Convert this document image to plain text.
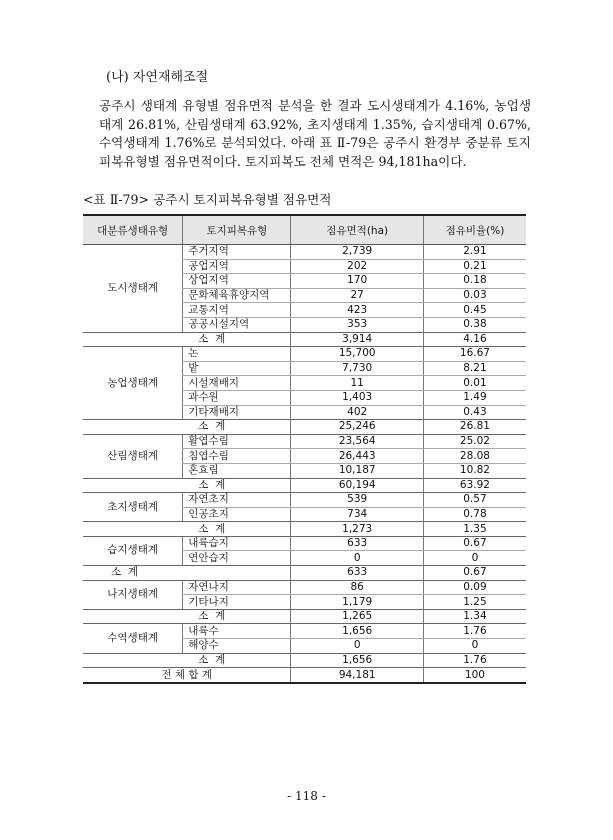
(나) 자연재해조절
공주시 생태계 유형별 점유면적 분석을 한 결과 도시생태계가 4.16%, 농업생태계 26.81%, 산림생태계 63.92%, 초지생태계 1.35%, 습지생태계 0.67%, 수역생태계 1.76%로 분석되었다. 아래 표 Ⅱ-79은 공주시 환경부 중분류 토지피복유형별 점유면적이다. 토지피복도 전체 면적은 94,181ha이다.
<표 Ⅱ-79> 공주시 토지피복유형별 점유면적
대분류생태유형	토지피복유형	점유면적(ha)	점유비율(%)
도시생태계	주거지역	2,739	2.91
	공업지역	202	0.21
	상업지역	170	0.18
	문화체육휴양지역	27	0.03
	교통지역	423	0.45
	공공시설지역	353	0.38
소  계		3,914	4.16
농업생태계	논	15,700	16.67
	밭	7,730	8.21
	시설재배지	11	0.01
	과수원	1,403	1.49
	기타재배지	402	0.43
소  계		25,246	26.81
산림생태계	활엽수림	23,564	25.02
	침엽수림	26,443	28.08
	혼효림	10,187	10.82
소  계		60,194	63.92
초지생태계	자연초지	539	0.57
	인공초지	734	0.78
소  계		1,273	1.35
습지생태계	내륙습지	633	0.67
	연안습지	0	0
소  계		633	0.67
나지생태계	자연나지	86	0.09
	기타나지	1,179	1.25
소  계		1,265	1.34
수역생태계	내륙수	1,656	1.76
	해양수	0	0
소  계		1,656	1.76
전 체 합 계		94,181	100
- 118 -
